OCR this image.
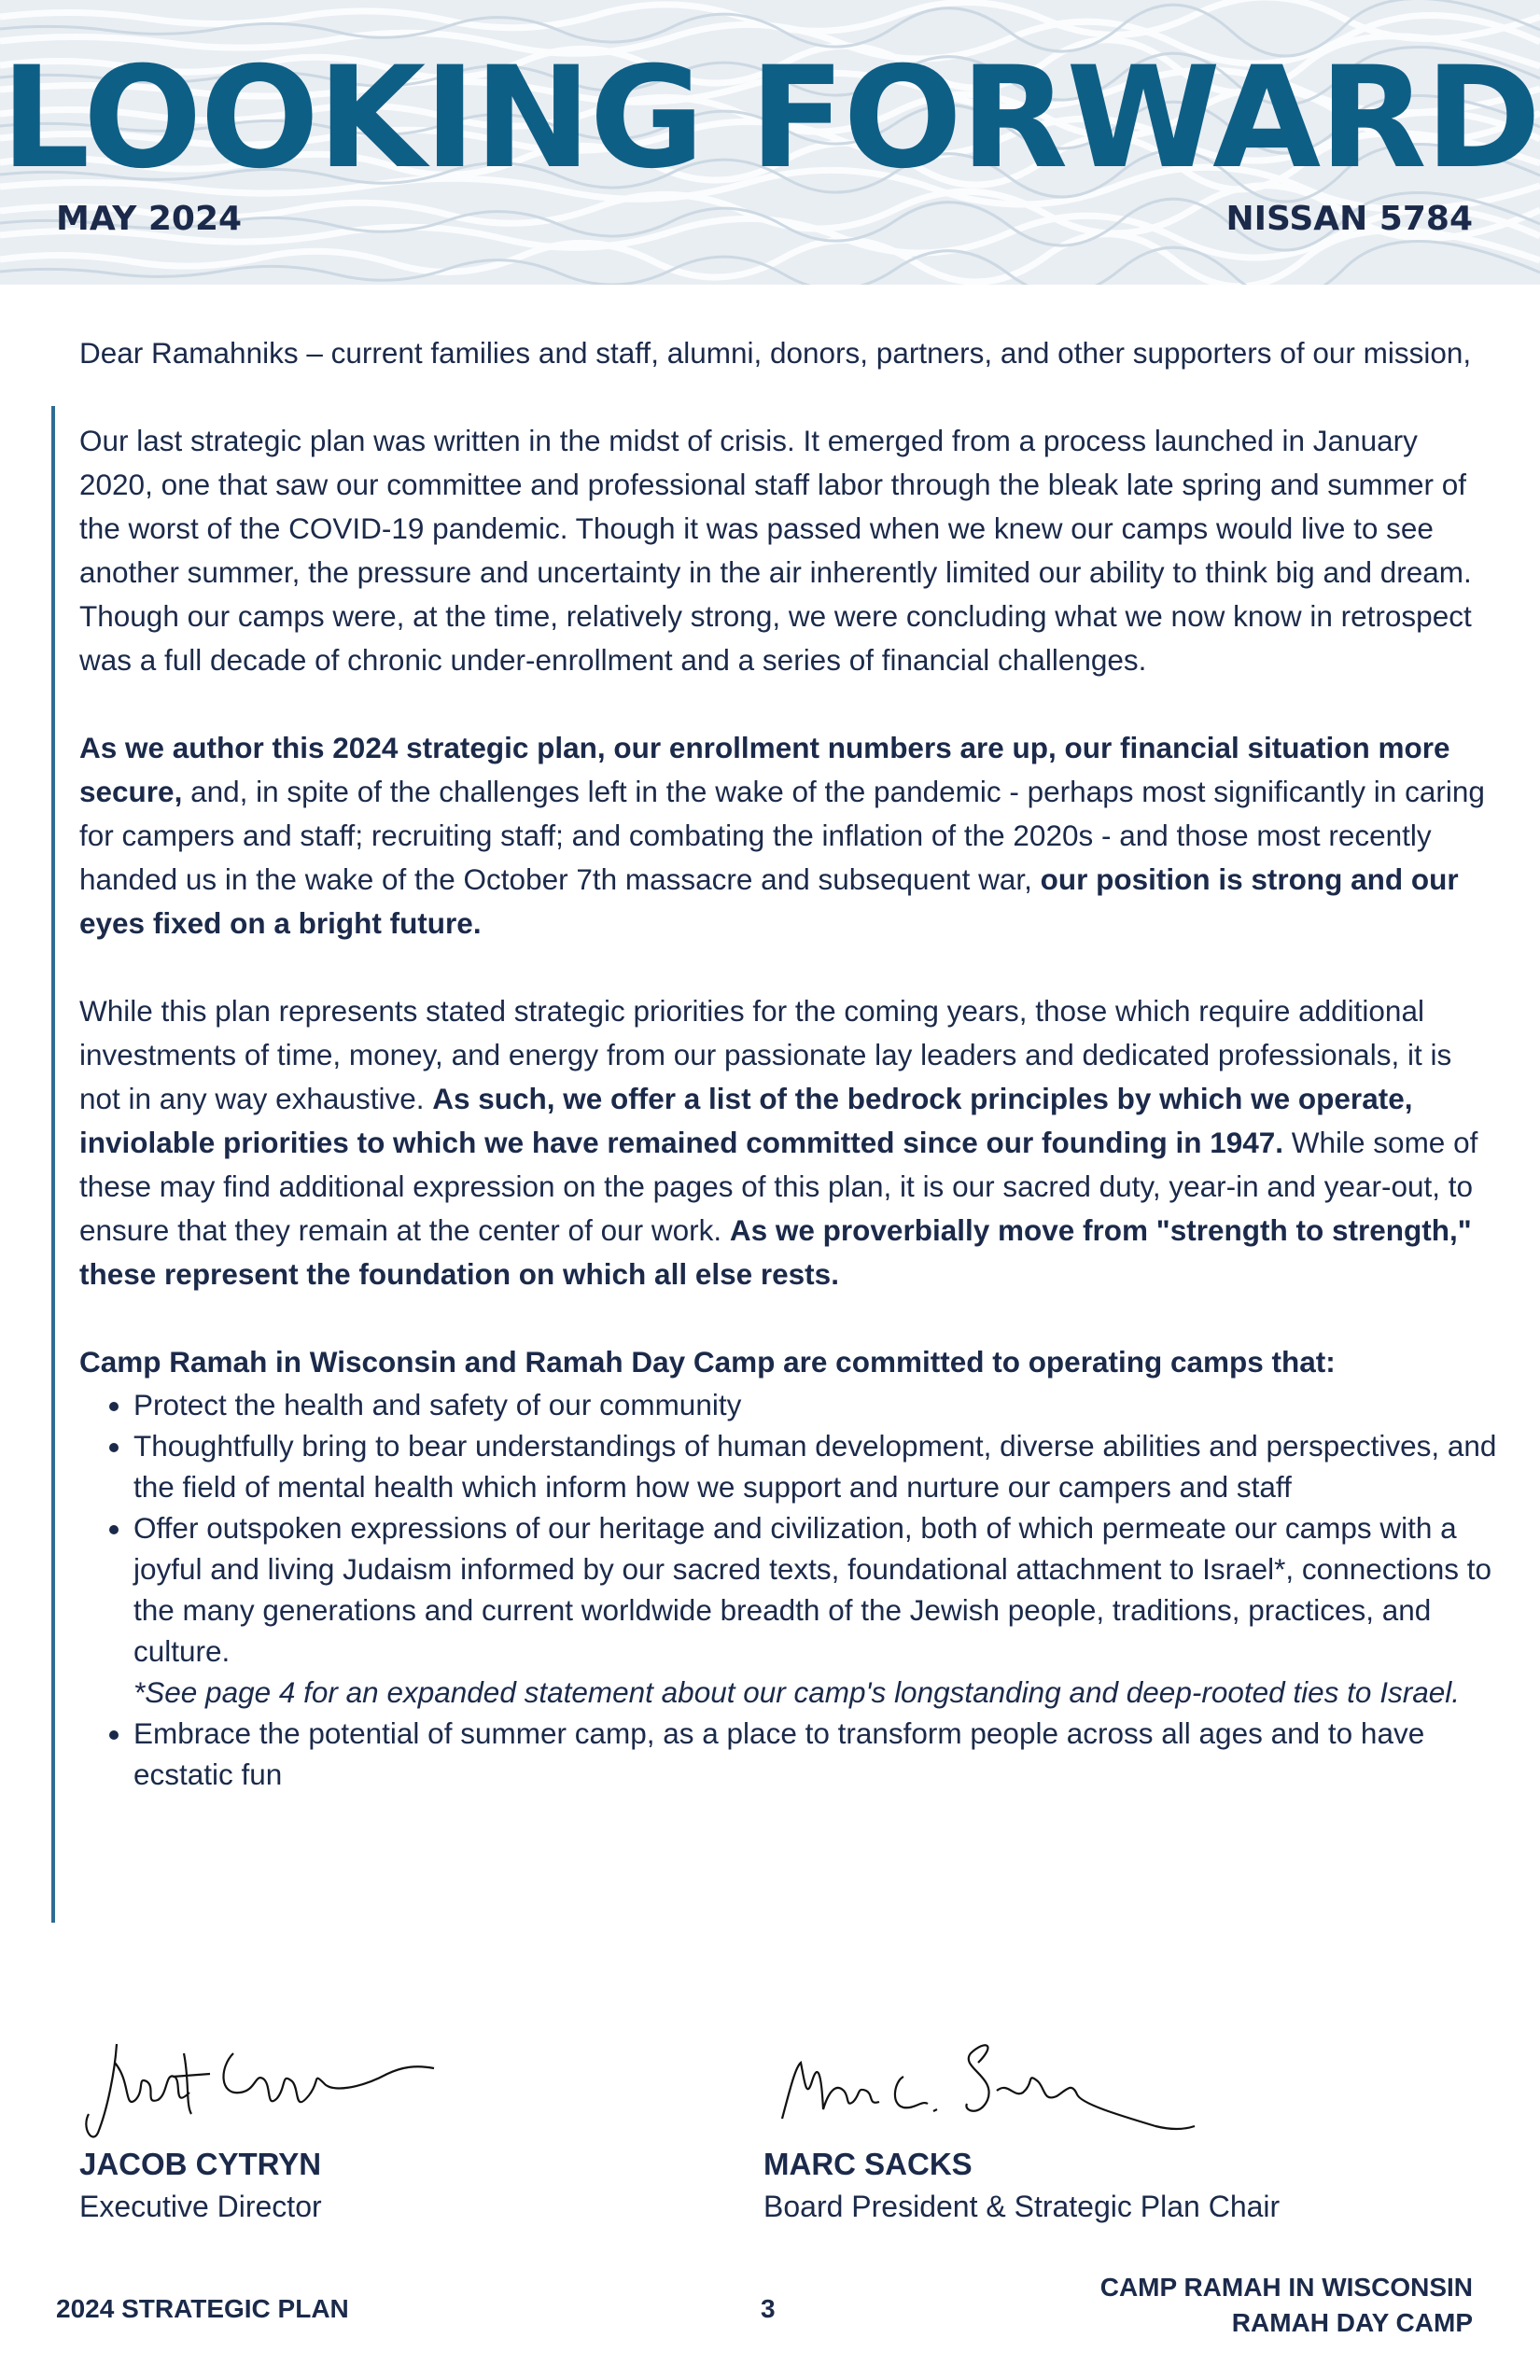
LOOKING FORWARD
MAY 2024	NISSAN 5784

Dear Ramahniks – current families and staff, alumni, donors, partners, and other supporters of our mission,

Our last strategic plan was written in the midst of crisis. It emerged from a process launched in January 2020, one that saw our committee and professional staff labor through the bleak late spring and summer of the worst of the COVID-19 pandemic. Though it was passed when we knew our camps would live to see another summer, the pressure and uncertainty in the air inherently limited our ability to think big and dream. Though our camps were, at the time, relatively strong, we were concluding what we now know in retrospect was a full decade of chronic under-enrollment and a series of financial challenges.

As we author this 2024 strategic plan, our enrollment numbers are up, our financial situation more secure, and, in spite of the challenges left in the wake of the pandemic - perhaps most significantly in caring for campers and staff; recruiting staff; and combating the inflation of the 2020s - and those most recently handed us in the wake of the October 7th massacre and subsequent war, our position is strong and our eyes fixed on a bright future.

While this plan represents stated strategic priorities for the coming years, those which require additional investments of time, money, and energy from our passionate lay leaders and dedicated professionals, it is not in any way exhaustive. As such, we offer a list of the bedrock principles by which we operate, inviolable priorities to which we have remained committed since our founding in 1947. While some of these may find additional expression on the pages of this plan, it is our sacred duty, year-in and year-out, to ensure that they remain at the center of our work. As we proverbially move from "strength to strength," these represent the foundation on which all else rests.

Camp Ramah in Wisconsin and Ramah Day Camp are committed to operating camps that:
• Protect the health and safety of our community
• Thoughtfully bring to bear understandings of human development, diverse abilities and perspectives, and the field of mental health which inform how we support and nurture our campers and staff
• Offer outspoken expressions of our heritage and civilization, both of which permeate our camps with a joyful and living Judaism informed by our sacred texts, foundational attachment to Israel*, connections to the many generations and current worldwide breadth of the Jewish people, traditions, practices, and culture.
*See page 4 for an expanded statement about our camp's longstanding and deep-rooted ties to Israel.
• Embrace the potential of summer camp, as a place to transform people across all ages and to have ecstatic fun
JACOB CYTRYN
Executive Director
MARC SACKS
Board President & Strategic Plan Chair
2024 STRATEGIC PLAN	3
CAMP RAMAH IN WISCONSIN
RAMAH DAY CAMP
